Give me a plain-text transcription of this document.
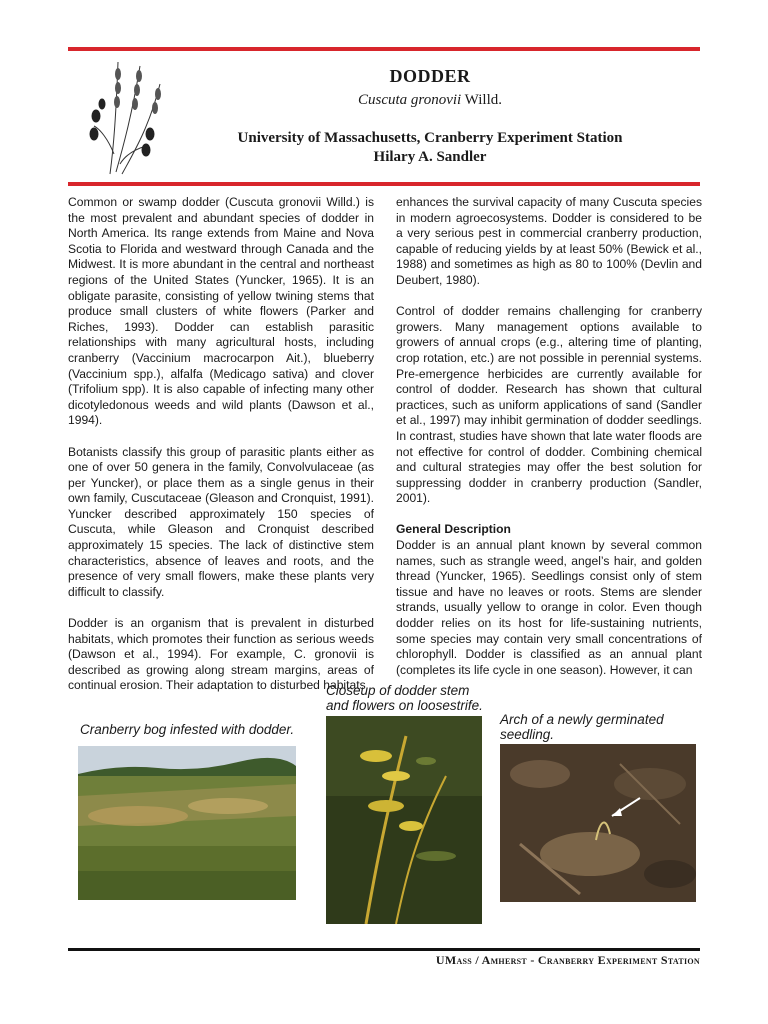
DODDER
Cuscuta gronovii Willd.
University of Massachusetts, Cranberry Experiment Station
Hilary A. Sandler

Common or swamp dodder (Cuscuta gronovii Willd.) is the most prevalent and abundant species of dodder in North America. Its range extends from Maine and Nova Scotia to Florida and westward through Canada and the Midwest. It is more abundant in the central and northeast regions of the United States (Yuncker, 1965). It is an obligate parasite, consisting of yellow twining stems that produce small clusters of white flowers (Parker and Riches, 1993). Dodder can establish parasitic relationships with many agricultural hosts, including cranberry (Vaccinium macrocarpon Ait.), blueberry (Vaccinium spp.), alfalfa (Medicago sativa) and clover (Trifolium spp). It is also capable of infecting many other dicotyledonous weeds and wild plants (Dawson et al., 1994).

Botanists classify this group of parasitic plants either as one of over 50 genera in the family, Convolvulaceae (as per Yuncker), or place them as a single genus in their own family, Cuscutaceae (Gleason and Cronquist, 1991). Yuncker described approximately 150 species of Cuscuta, while Gleason and Cronquist described approximately 15 species. The lack of distinctive stem characteristics, absence of leaves and roots, and the presence of very small flowers, make these plants very difficult to classify.

Dodder is an organism that is prevalent in disturbed habitats, which promotes their function as serious weeds (Dawson et al., 1994). For example, C. gronovii is described as growing along stream margins, areas of continual erosion. Their adaptation to disturbed habitats

enhances the survival capacity of many Cuscuta species in modern agroecosystems. Dodder is considered to be a very serious pest in commercial cranberry production, capable of reducing yields by at least 50% (Bewick et al., 1988) and sometimes as high as 80 to 100% (Devlin and Deubert, 1980).

Control of dodder remains challenging for cranberry growers. Many management options available to growers of annual crops (e.g., altering time of planting, crop rotation, etc.) are not possible in perennial systems. Pre-emergence herbicides are currently available for control of dodder. Research has shown that cultural practices, such as uniform applications of sand (Sandler et al., 1997) may inhibit germination of dodder seedlings. In contrast, studies have shown that late water floods are not effective for control of dodder. Combining chemical and cultural strategies may offer the best solution for suppressing dodder in cranberry production (Sandler, 2001).

General Description

Dodder is an annual plant known by several common names, such as strangle weed, angel’s hair, and golden thread (Yuncker, 1965). Seedlings consist only of stem tissue and have no leaves or roots. Stems are slender strands, usually yellow to orange in color. Even though dodder relies on its host for life-sustaining nutrients, some species may contain very small concentrations of chlorophyll. Dodder is classified as an annual plant (completes its life cycle in one season). However, it can

Cranberry bog infested with dodder.
Closeup of dodder stem and flowers on loosestrife.
Arch of a newly germinated seedling.
UMass / Amherst - Cranberry Experiment Station
